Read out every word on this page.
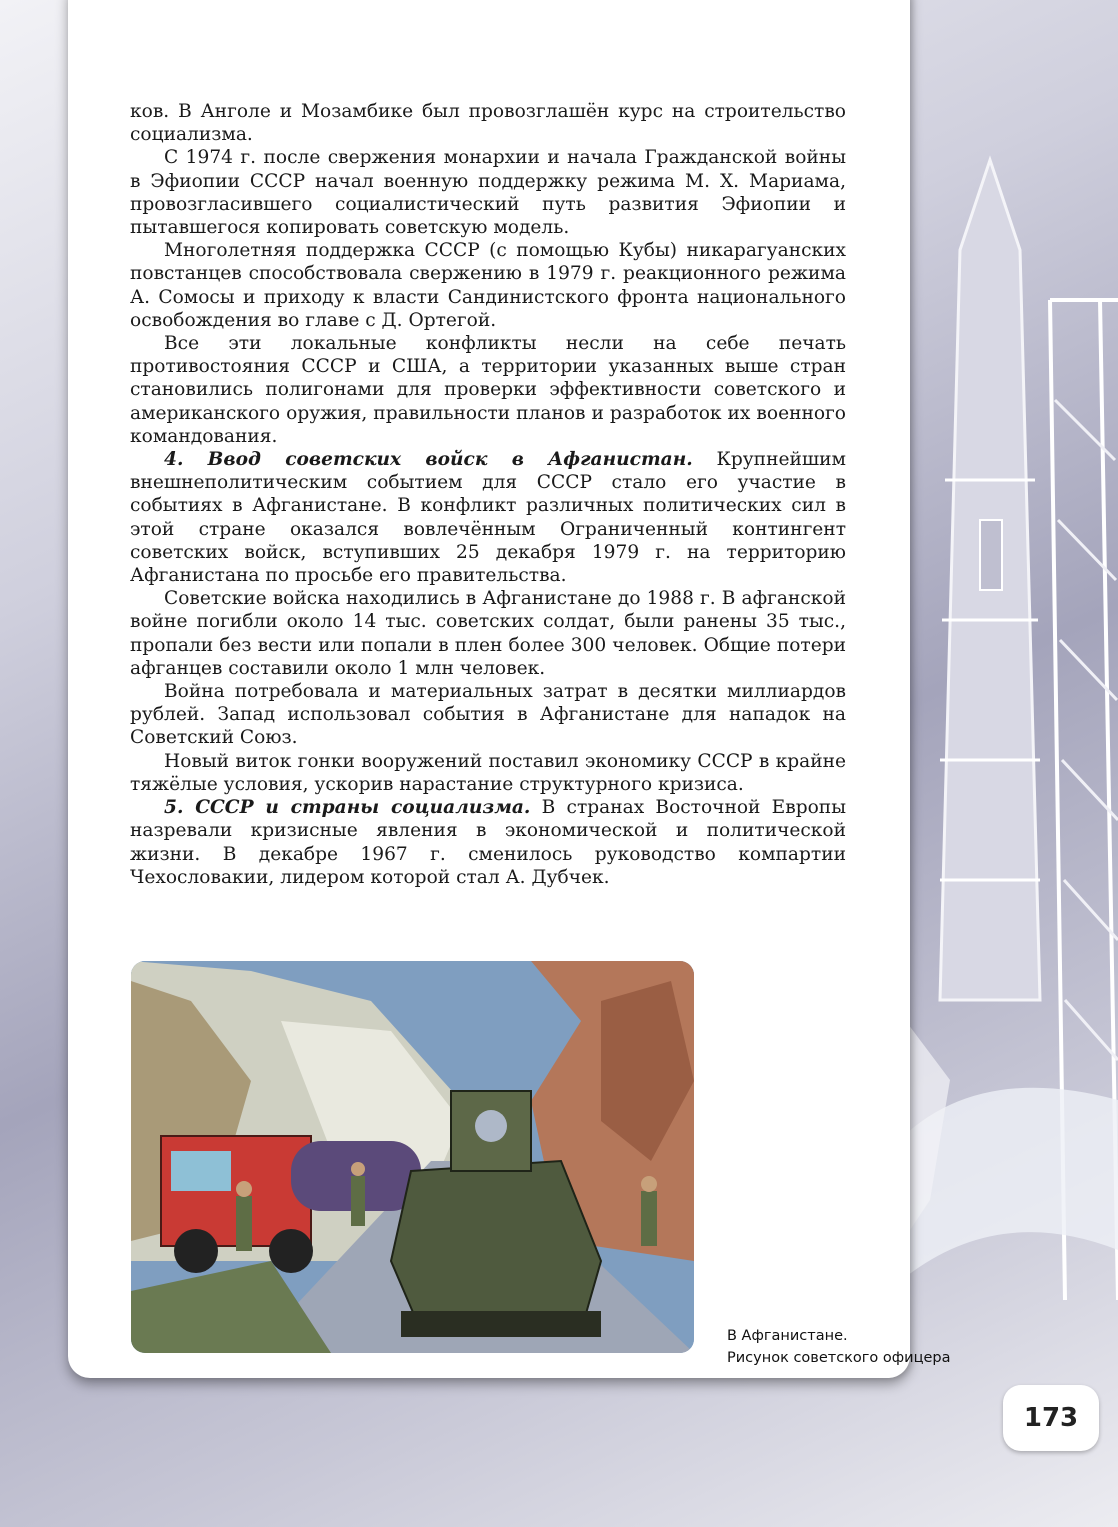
ков. В Анголе и Мозамбике был провозглашён курс на строительство социализма.

С 1974 г. после свержения монархии и начала Гражданской войны в Эфиопии СССР начал военную поддержку режима М. Х. Мариама, провозгласившего социалистический путь развития Эфиопии и пытавшегося копировать советскую модель.

Многолетняя поддержка СССР (с помощью Кубы) никарагуанских повстанцев способствовала свержению в 1979 г. реакционного режима А. Сомосы и приходу к власти Сандинистского фронта национального освобождения во главе с Д. Ортегой.

Все эти локальные конфликты несли на себе печать противостояния СССР и США, а территории указанных выше стран становились полигонами для проверки эффективности советского и американского оружия, правильности планов и разработок их военного командования.

4. Ввод советских войск в Афганистан. Крупнейшим внешнеполитическим событием для СССР стало его участие в событиях в Афганистане. В конфликт различных политических сил в этой стране оказался вовлечённым Ограниченный контингент советских войск, вступивших 25 декабря 1979 г. на территорию Афганистана по просьбе его правительства.

Советские войска находились в Афганистане до 1988 г. В афганской войне погибли около 14 тыс. советских солдат, были ранены 35 тыс., пропали без вести или попали в плен более 300 человек. Общие потери афганцев составили около 1 млн человек.

Война потребовала и материальных затрат в десятки миллиардов рублей. Запад использовал события в Афганистане для нападок на Советский Союз.

Новый виток гонки вооружений поставил экономику СССР в крайне тяжёлые условия, ускорив нарастание структурного кризиса.

5. СССР и страны социализма. В странах Восточной Европы назревали кризисные явления в экономической и политической жизни. В декабре 1967 г. сменилось руководство компартии Чехословакии, лидером которой стал А. Дубчек.

В Афганистане.
Рисунок советского офицера
173
